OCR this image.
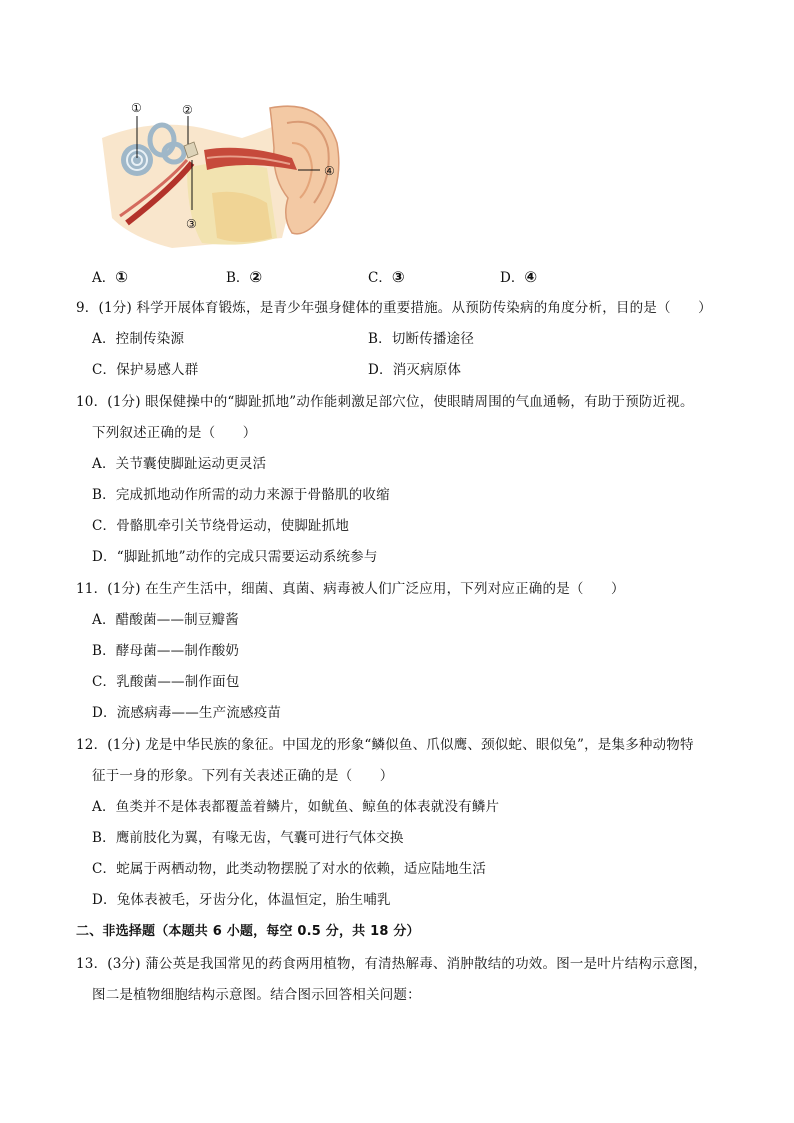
①	②
③
④
A．①	B．②	C．③	D．④
9．(1分) 科学开展体育锻炼，是青少年强身健体的重要措施。从预防传染病的角度分析，目的是（　　）
A．控制传染源	B．切断传播途径
C．保护易感人群	D．消灭病原体
10．(1分) 眼保健操中的“脚趾抓地”动作能刺激足部穴位，使眼睛周围的气血通畅，有助于预防近视。
下列叙述正确的是（　　）
A．关节囊使脚趾运动更灵活
B．完成抓地动作所需的动力来源于骨骼肌的收缩
C．骨骼肌牵引关节绕骨运动，使脚趾抓地
D．“脚趾抓地”动作的完成只需要运动系统参与
11．(1分) 在生产生活中，细菌、真菌、病毒被人们广泛应用，下列对应正确的是（　　）
A．醋酸菌——制豆瓣酱
B．酵母菌——制作酸奶
C．乳酸菌——制作面包
D．流感病毒——生产流感疫苗
12．(1分) 龙是中华民族的象征。中国龙的形象“鳞似鱼、爪似鹰、颈似蛇、眼似兔”，是集多种动物特
征于一身的形象。下列有关表述正确的是（　　）
A．鱼类并不是体表都覆盖着鳞片，如鱿鱼、鲸鱼的体表就没有鳞片
B．鹰前肢化为翼，有喙无齿，气囊可进行气体交换
C．蛇属于两栖动物，此类动物摆脱了对水的依赖，适应陆地生活
D．兔体表被毛，牙齿分化，体温恒定，胎生哺乳
二、非选择题（本题共 6 小题，每空 0.5 分，共 18 分）
13．(3分) 蒲公英是我国常见的药食两用植物，有清热解毒、消肿散结的功效。图一是叶片结构示意图，
图二是植物细胞结构示意图。结合图示回答相关问题：
